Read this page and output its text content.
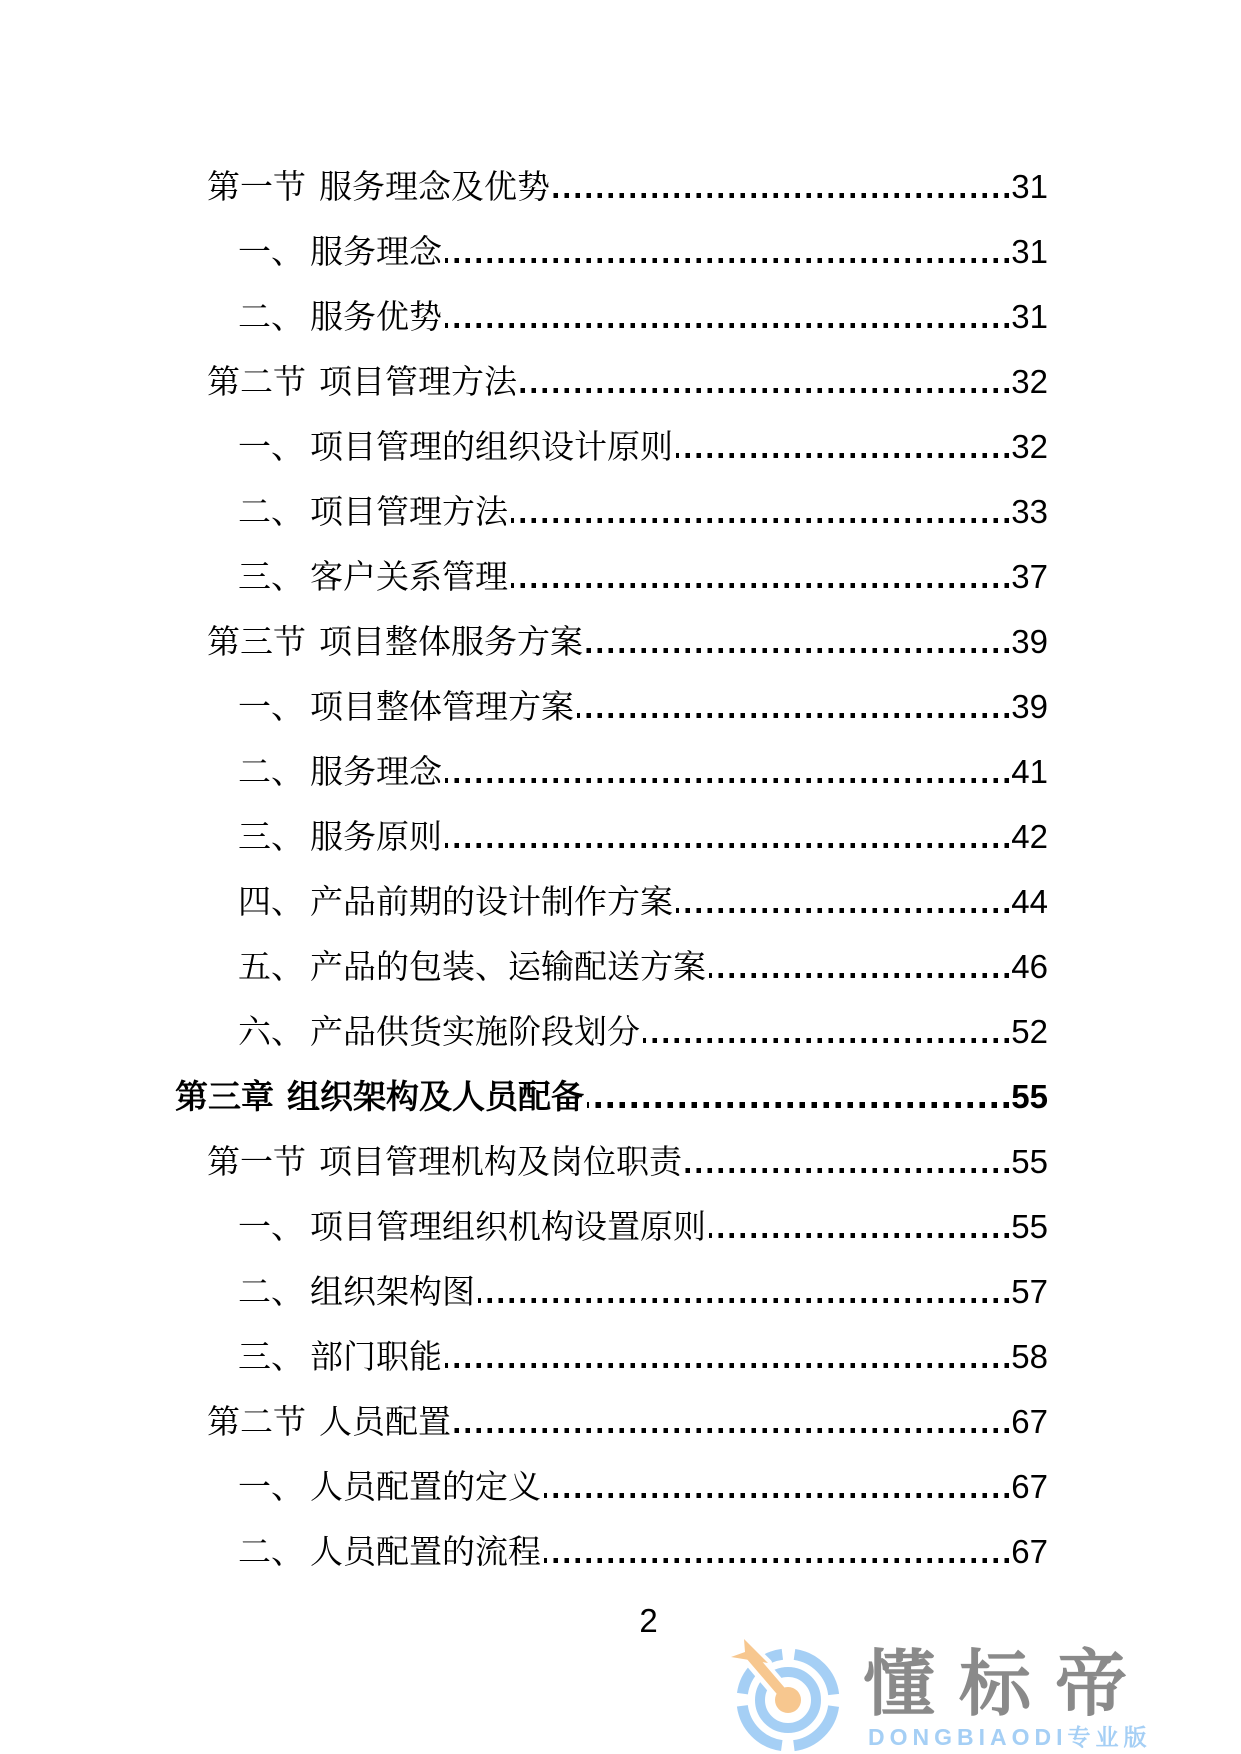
第一节 服务理念及优势	31
一、 服务理念	31
二、 服务优势	31
第二节 项目管理方法	32
一、 项目管理的组织设计原则	32
二、 项目管理方法	33
三、 客户关系管理	37
第三节 项目整体服务方案	39
一、 项目整体管理方案	39
二、 服务理念	41
三、 服务原则	42
四、 产品前期的设计制作方案	44
五、 产品的包装、运输配送方案	46
六、 产品供货实施阶段划分	52
第三章 组织架构及人员配备	55
第一节 项目管理机构及岗位职责	55
一、 项目管理组织机构设置原则	55
二、 组织架构图	57
三、 部门职能	58
第二节 人员配置	67
一、 人员配置的定义	67
二、 人员配置的流程	67
2
懂标帝
DONGBIAODI专业版
